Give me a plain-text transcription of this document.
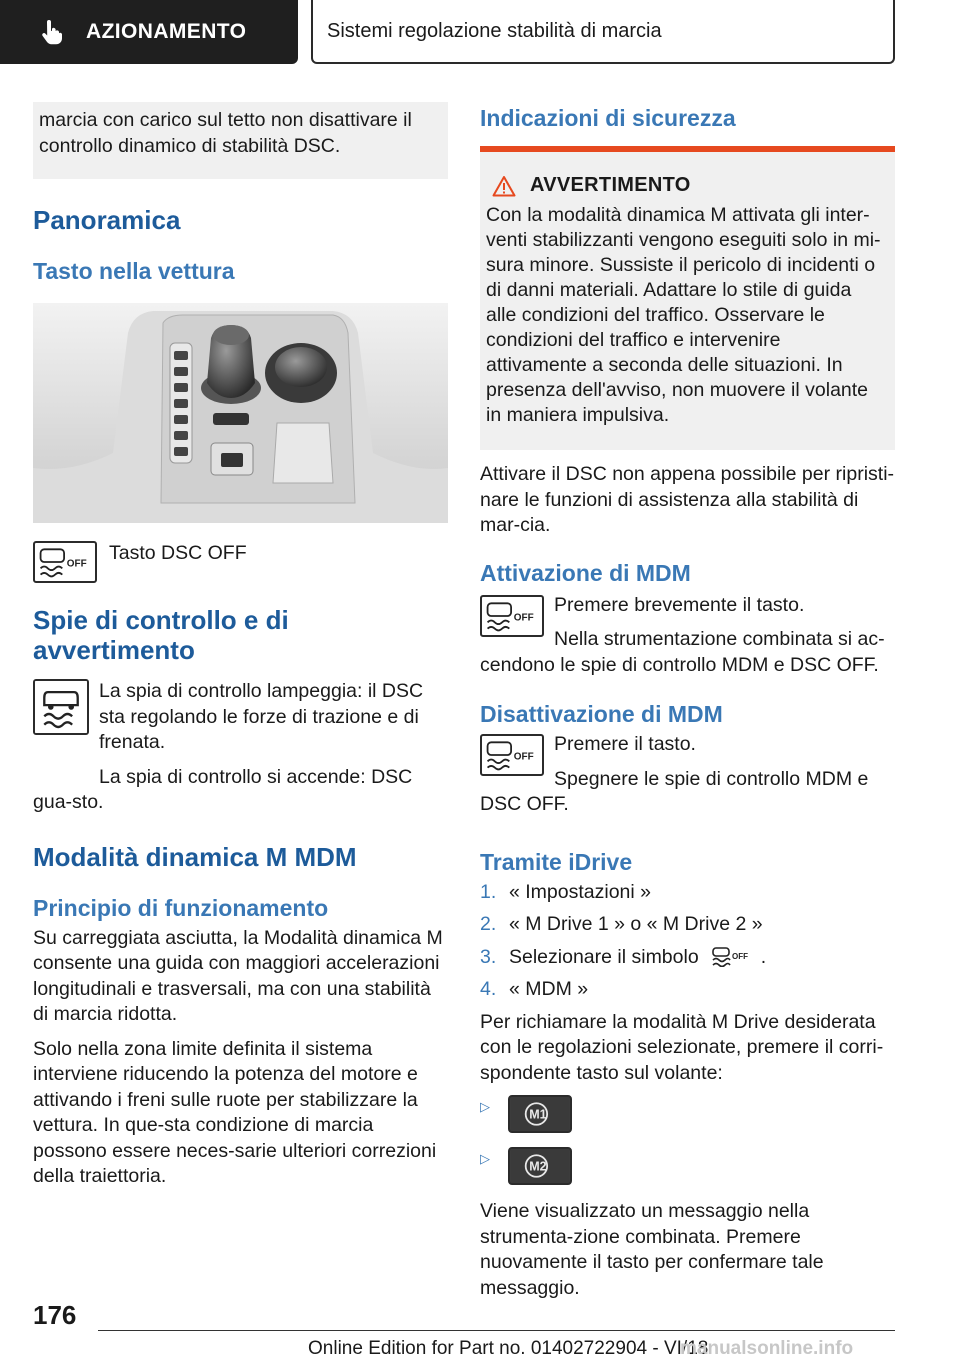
AZIONAMENTO	Sistemi regolazione stabilità di marcia
marcia con carico sul tetto non disattivare il controllo dinamico di stabilità DSC.
Panoramica
Tasto nella vettura
OFF
Tasto DSC OFF
Spie di controllo e di avvertimento
La spia di controllo lampeggia: il DSC sta regolando le forze di trazione e di frenata.
La spia di controllo si accende: DSC gua-sto.
Modalità dinamica M MDM
Principio di funzionamento
Su carreggiata asciutta, la Modalità dinamica M consente una guida con maggiori accelerazioni longitudinali e trasversali, ma con una stabilità di marcia ridotta.
Solo nella zona limite definita il sistema interviene riducendo la potenza del motore e attivando i freni sulle ruote per stabilizzare la vettura. In que-sta condizione di marcia possono essere neces-sarie ulteriori correzioni della traiettoria.
Indicazioni di sicurezza
AVVERTIMENTO
Con la modalità dinamica M attivata gli inter-venti stabilizzanti vengono eseguiti solo in mi-sura minore. Sussiste il pericolo di incidenti o di danni materiali. Adattare lo stile di guida alle condizioni del traffico. Osservare le condizioni del traffico e intervenire attivamente a seconda delle situazioni. In presenza dell'avviso, non muovere il volante in maniera impulsiva.
Attivare il DSC non appena possibile per ripristi-nare le funzioni di assistenza alla stabilità di mar-cia.
Attivazione di MDM
OFF
Premere brevemente il tasto.
Nella strumentazione combinata si ac-cendono le spie di controllo MDM e DSC OFF.
Disattivazione di MDM
OFF
Premere il tasto.
Spegnere le spie di controllo MDM e DSC OFF.
Tramite iDrive
1. « Impostazioni »
2. « M Drive 1 » o « M Drive 2 »
3. Selezionare il simbolo	OFF .
4. « MDM »
Per richiamare la modalità M Drive desiderata con le regolazioni selezionate, premere il corri-spondente tasto sul volante:
▷
M1
▷
M2
Viene visualizzato un messaggio nella strumenta-zione combinata. Premere nuovamente il tasto per confermare tale messaggio.
176
Online Edition for Part no. 01402722904 - VI/18
manualsonline.info
